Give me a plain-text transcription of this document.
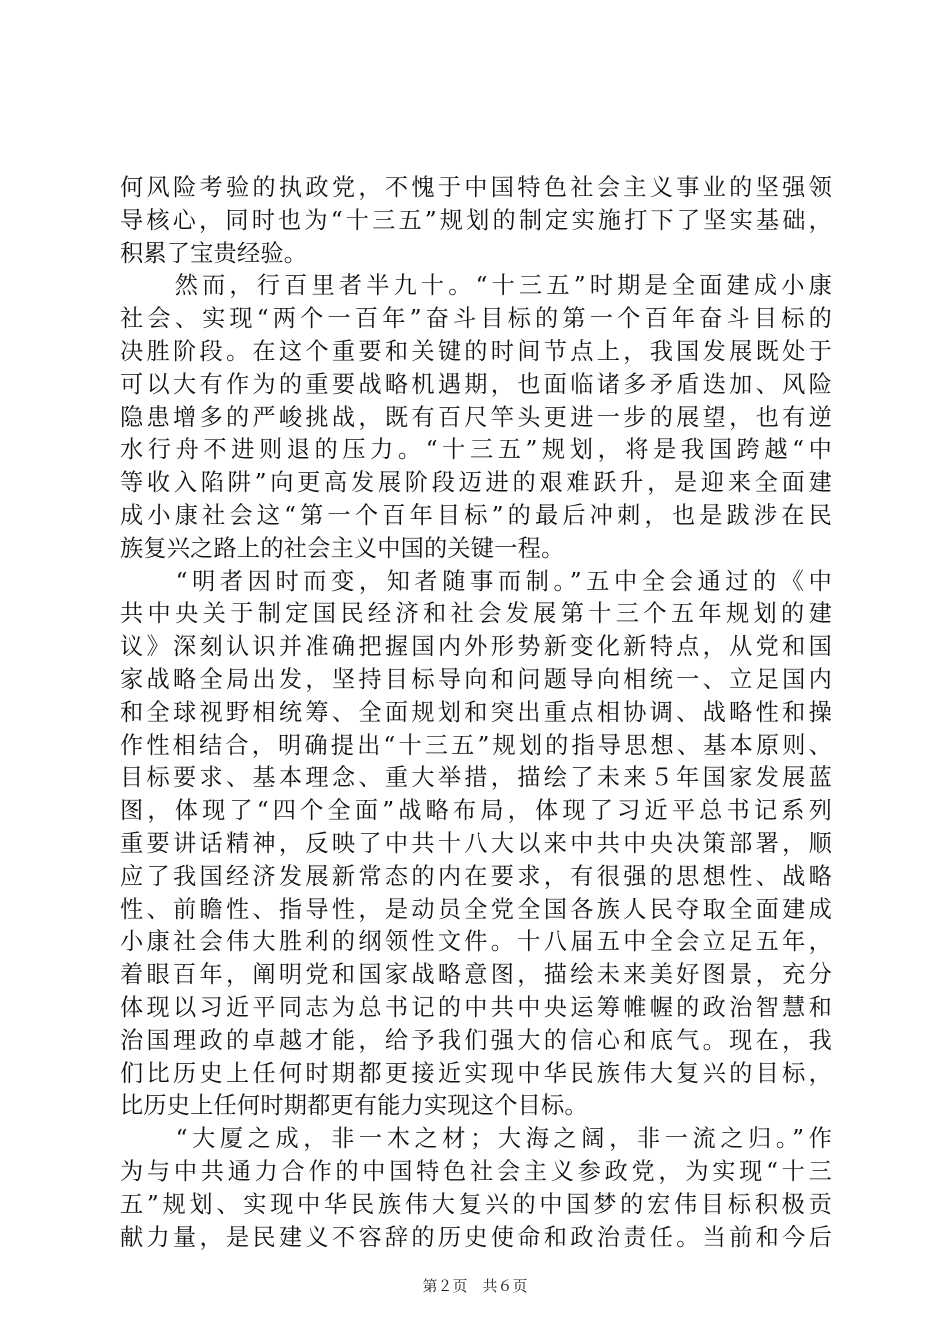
何风险考验的执政党，不愧于中国特色社会主义事业的坚强领
导核心，同时也为“十三五”规划的制定实施打下了坚实基础，
积累了宝贵经验。
　　然而，行百里者半九十。“十三五”时期是全面建成小康
社会、实现“两个一百年”奋斗目标的第一个百年奋斗目标的
决胜阶段。在这个重要和关键的时间节点上，我国发展既处于
可以大有作为的重要战略机遇期，也面临诸多矛盾迭加、风险
隐患增多的严峻挑战，既有百尺竿头更进一步的展望，也有逆
水行舟不进则退的压力。“十三五”规划，将是我国跨越“中
等收入陷阱”向更高发展阶段迈进的艰难跃升，是迎来全面建
成小康社会这“第一个百年目标”的最后冲刺，也是跋涉在民
族复兴之路上的社会主义中国的关键一程。
　　“明者因时而变，知者随事而制。”五中全会通过的《中
共中央关于制定国民经济和社会发展第十三个五年规划的建
议》深刻认识并准确把握国内外形势新变化新特点，从党和国
家战略全局出发，坚持目标导向和问题导向相统一、立足国内
和全球视野相统筹、全面规划和突出重点相协调、战略性和操
作性相结合，明确提出“十三五”规划的指导思想、基本原则、
目标要求、基本理念、重大举措，描绘了未来５年国家发展蓝
图，体现了“四个全面”战略布局，体现了习近平总书记系列
重要讲话精神，反映了中共十八大以来中共中央决策部署，顺
应了我国经济发展新常态的内在要求，有很强的思想性、战略
性、前瞻性、指导性，是动员全党全国各族人民夺取全面建成
小康社会伟大胜利的纲领性文件。十八届五中全会立足五年，
着眼百年，阐明党和国家战略意图，描绘未来美好图景，充分
体现以习近平同志为总书记的中共中央运筹帷幄的政治智慧和
治国理政的卓越才能，给予我们强大的信心和底气。现在，我
们比历史上任何时期都更接近实现中华民族伟大复兴的目标，
比历史上任何时期都更有能力实现这个目标。
　　“大厦之成，非一木之材；大海之阔，非一流之归。”作
为与中共通力合作的中国特色社会主义参政党，为实现“十三
五”规划、实现中华民族伟大复兴的中国梦的宏伟目标积极贡
献力量，是民建义不容辞的历史使命和政治责任。当前和今后
第２页　共６页
